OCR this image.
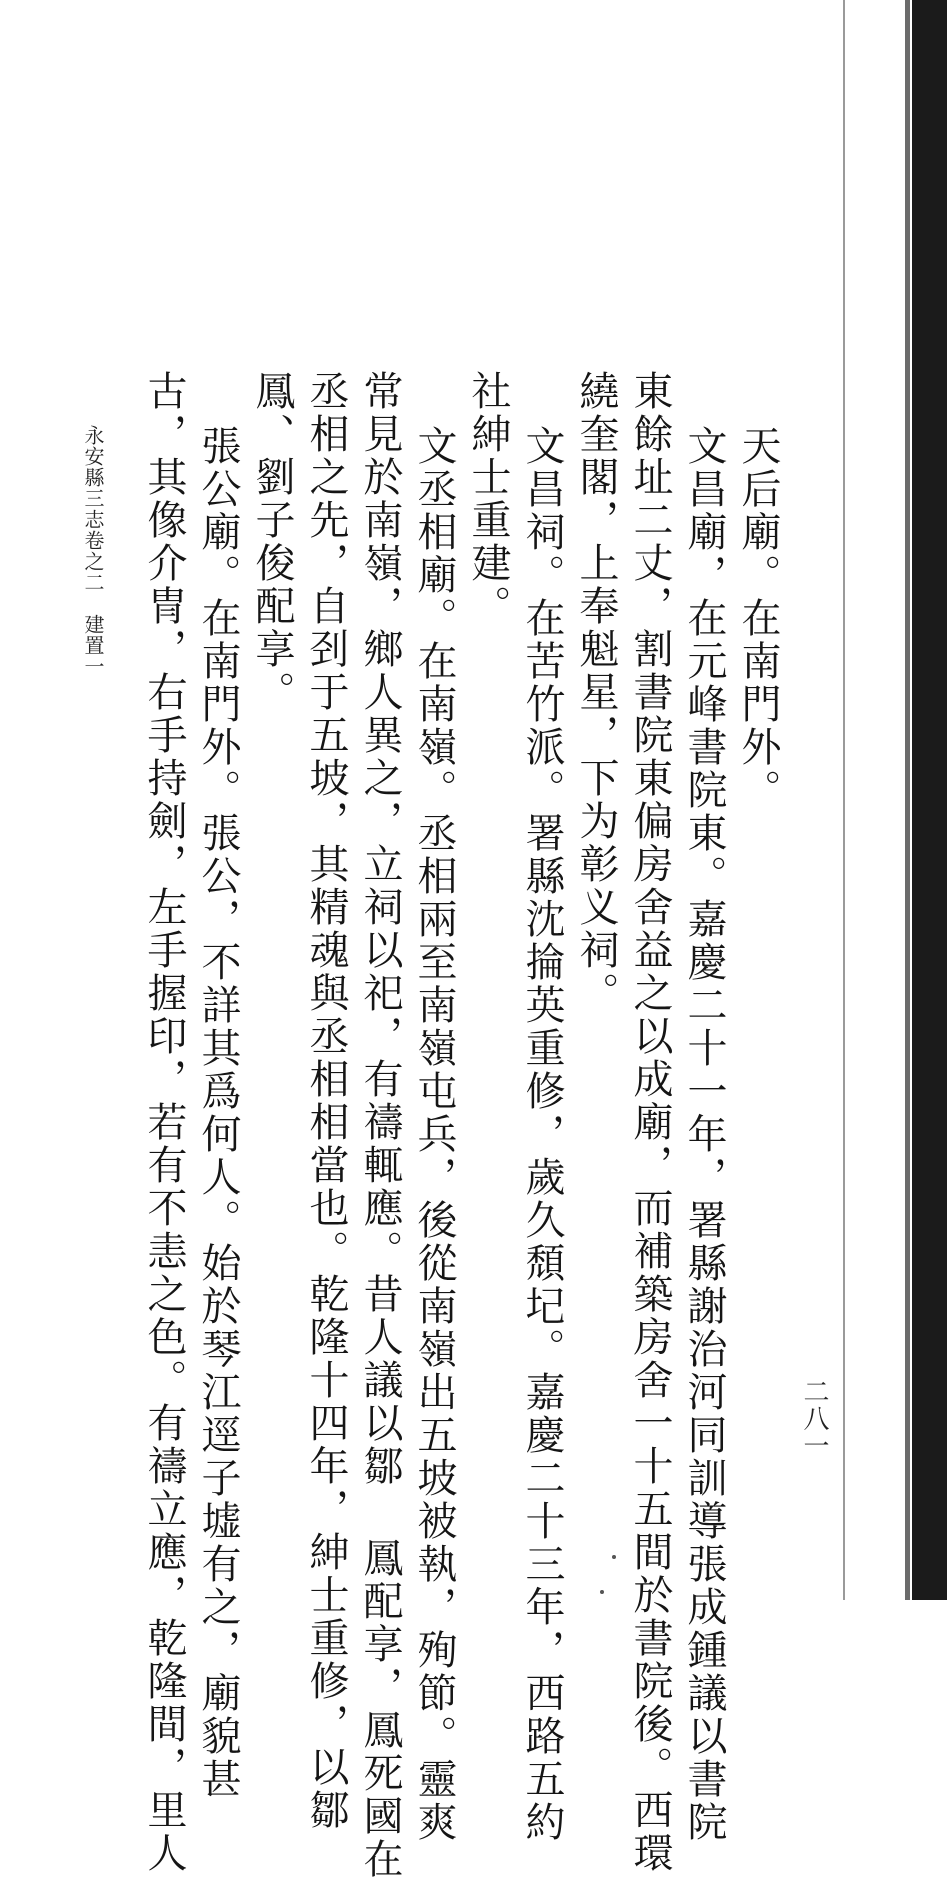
天后廟。在南門外。
文昌廟，在元峰書院東。嘉慶二十一年，署縣謝治河同訓導張成鍾議以書院
東餘址二丈，割書院東偏房舍益之以成廟，而補築房舍一十五間於書院後。西環
繞奎閣，上奉魁星，下为彰义祠。
文昌祠。在苦竹派。署縣沈掄英重修，歲久頹圮。嘉慶二十三年，西路五約
社紳士重建。
文丞相廟。在南嶺。丞相兩至南嶺屯兵，後從南嶺出五坡被執，殉節。靈爽
常見於南嶺，鄉人異之，立祠以祀，有禱輒應。昔人議以鄒 鳳配享，鳳死國在
丞相之先，自刭于五坡，其精魂與丞相相當也。乾隆十四年，紳士重修，以鄒
鳳、劉子俊配享。
張公廟。在南門外。張公，不詳其爲何人。始於琴江逕子墟有之，廟貌甚
古，其像介冑，右手持劍，左手握印，若有不恚之色。有禱立應，乾隆間，里人
永安縣三志卷之二　建置一
二八一
